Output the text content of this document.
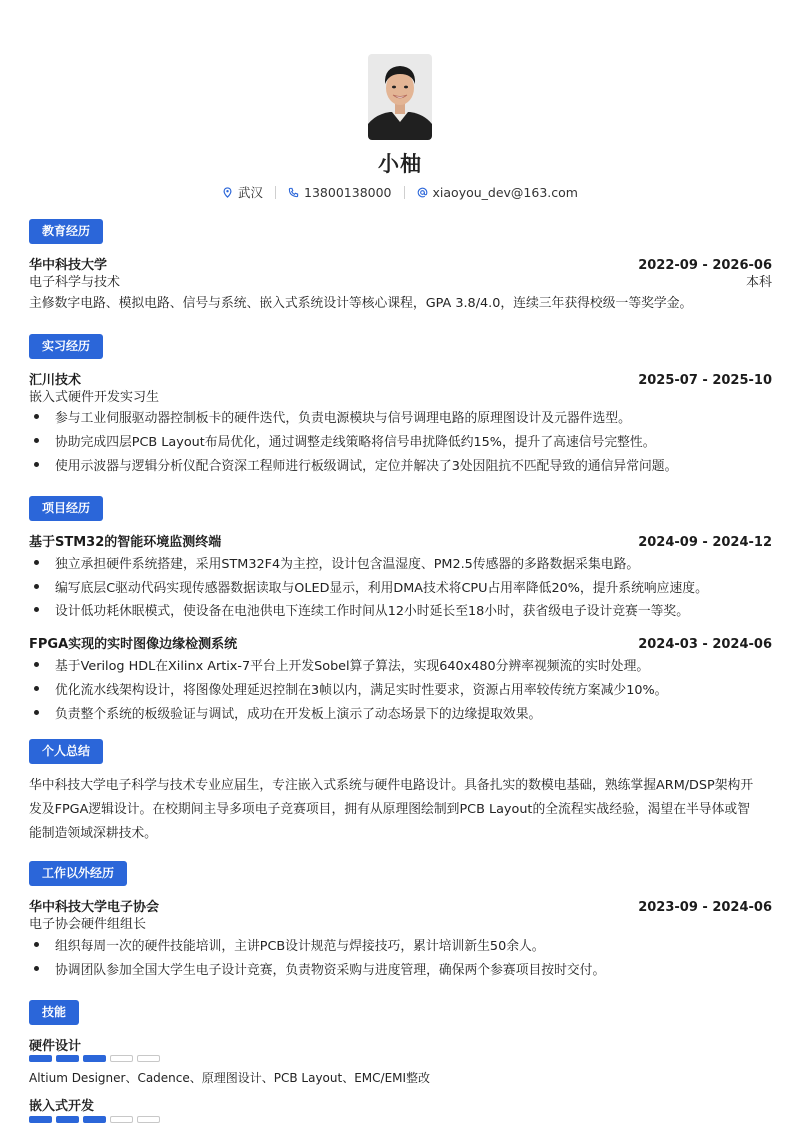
小柚
武汉	13800138000	xiaoyou_dev@163.com
教育经历
华中科技大学	2022-09 - 2026-06
电子科学与技术	本科
主修数字电路、模拟电路、信号与系统、嵌入式系统设计等核心课程，GPA 3.8/4.0，连续三年获得校级一等奖学金。
实习经历
汇川技术	2025-07 - 2025-10
嵌入式硬件开发实习生
参与工业伺服驱动器控制板卡的硬件迭代，负责电源模块与信号调理电路的原理图设计及元器件选型。
协助完成四层PCB Layout布局优化，通过调整走线策略将信号串扰降低约15%，提升了高速信号完整性。
使用示波器与逻辑分析仪配合资深工程师进行板级调试，定位并解决了3处因阻抗不匹配导致的通信异常问题。
项目经历
基于STM32的智能环境监测终端	2024-09 - 2024-12
独立承担硬件系统搭建，采用STM32F4为主控，设计包含温湿度、PM2.5传感器的多路数据采集电路。
编写底层C驱动代码实现传感器数据读取与OLED显示，利用DMA技术将CPU占用率降低20%，提升系统响应速度。
设计低功耗休眠模式，使设备在电池供电下连续工作时间从12小时延长至18小时，获省级电子设计竞赛一等奖。
FPGA实现的实时图像边缘检测系统	2024-03 - 2024-06
基于Verilog HDL在Xilinx Artix-7平台上开发Sobel算子算法，实现640x480分辨率视频流的实时处理。
优化流水线架构设计，将图像处理延迟控制在3帧以内，满足实时性要求，资源占用率较传统方案减少10%。
负责整个系统的板级验证与调试，成功在开发板上演示了动态场景下的边缘提取效果。
个人总结
华中科技大学电子科学与技术专业应届生，专注嵌入式系统与硬件电路设计。具备扎实的数模电基础，熟练掌握ARM/DSP架构开
发及FPGA逻辑设计。在校期间主导多项电子竞赛项目，拥有从原理图绘制到PCB Layout的全流程实战经验，渴望在半导体或智
能制造领域深耕技术。
工作以外经历
华中科技大学电子协会	2023-09 - 2024-06
电子协会硬件组组长
组织每周一次的硬件技能培训，主讲PCB设计规范与焊接技巧，累计培训新生50余人。
协调团队参加全国大学生电子设计竞赛，负责物资采购与进度管理，确保两个参赛项目按时交付。
技能
硬件设计
Altium Designer、Cadence、原理图设计、PCB Layout、EMC/EMI整改
嵌入式开发
